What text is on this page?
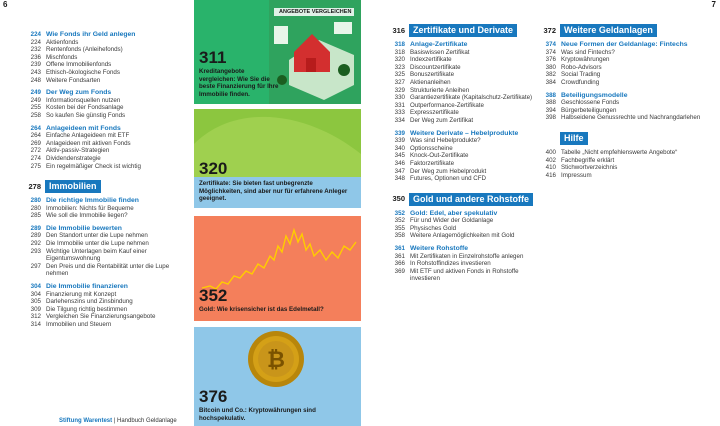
6	7
224 Wie Fonds ihr Geld anlegen
224 Aktienfonds
232 Rentenfonds (Anleihefonds)
236 Mischfonds
239 Offene Immobilienfonds
243 Ethisch-ökologische Fonds
248 Weitere Fondsarten
249 Der Weg zum Fonds
249 Informationsquellen nutzen
255 Kosten bei der Fondsanlage
258 So kaufen Sie günstig Fonds
264 Anlageideen mit Fonds
264 Einfache Anlageideen mit ETF
269 Anlageideen mit aktiven Fonds
272 Aktiv-passiv-Strategien
274 Dividendenstrategie
275 Ein regelmäßiger Check ist wichtig
278 Immobilien
280 Die richtige Immobilie finden
280 Immobilien: Nichts für Bequeme
285 Wie soll die Immobilie liegen?
289 Die Immobilie bewerten
289 Den Standort unter die Lupe nehmen
292 Die Immobilie unter die Lupe nehmen
293 Wichtige Unterlagen beim Kauf einer Eigentumswohnung
297 Den Preis und die Rentabilität unter die Lupe nehmen
304 Die Immobilie finanzieren
304 Finanzierung mit Konzept
305 Darlehenszins und Zinsbindung
309 Die Tilgung richtig bestimmen
312 Vergleichen Sie Finanzierungsangebote
314 Immobilien und Steuern
316 Zertifikate und Derivate
318 Anlage-Zertifikate
318 Basiswissen Zertifikat
320 Indexzertifikate
323 Discountzertifikate
325 Bonuszertifikate
327 Aktienanleihen
329 Strukturierte Anleihen
330 Garantiezertifikate (Kapitalschutz-Zertifikate)
331 Outperformance-Zertifikate
333 Expresszertifikate
334 Der Weg zum Zertifikat
339 Weitere Derivate – Hebelprodukte
339 Was sind Hebelprodukte?
340 Optionsscheine
345 Knock-Out-Zertifikate
346 Faktorzertifikate
347 Der Weg zum Hebelprodukt
348 Futures, Optionen und CFD
350 Gold und andere Rohstoffe
352 Gold: Edel, aber spekulativ
352 Für und Wider der Goldanlage
355 Physisches Gold
358 Weitere Anlagemöglichkeiten mit Gold
361 Weitere Rohstoffe
361 Mit Zertifikaten in Einzelrohstoffe anlegen
366 In Rohstoffindizes investieren
369 Mit ETF und aktiven Fonds in Rohstoffe investieren
372 Weitere Geldanlagen
374 Neue Formen der Geldanlage: Fintechs
374 Was sind Fintechs?
376 Kryptowährungen
380 Robo-Advisors
382 Social Trading
384 Crowdfunding
388 Beteiligungsmodelle
388 Geschlossene Fonds
394 Bürgerbeteiligungen
398 Halbseidene Genussrechte und Nachrangdarlehen
Hilfe
400 Tabelle „Nicht empfehlenswerte Angebote“
402 Fachbegriffe erklärt
410 Stichwortverzeichnis
416 Impressum
ANGEBOTE VERGLEICHEN
311
Kreditangebote vergleichen: Wie Sie die beste Finanzierung für Ihre Immobilie finden.
320
Zertifikate: Sie bieten fast unbegrenzte Möglichkeiten, sind aber nur für erfahrene Anleger geeignet.
352
Gold: Wie krisensicher ist das Edelmetall?
₿
376
Bitcoin und Co.: Kryptowährungen sind hochspekulativ.
Stiftung Warentest | Handbuch Geldanlage
